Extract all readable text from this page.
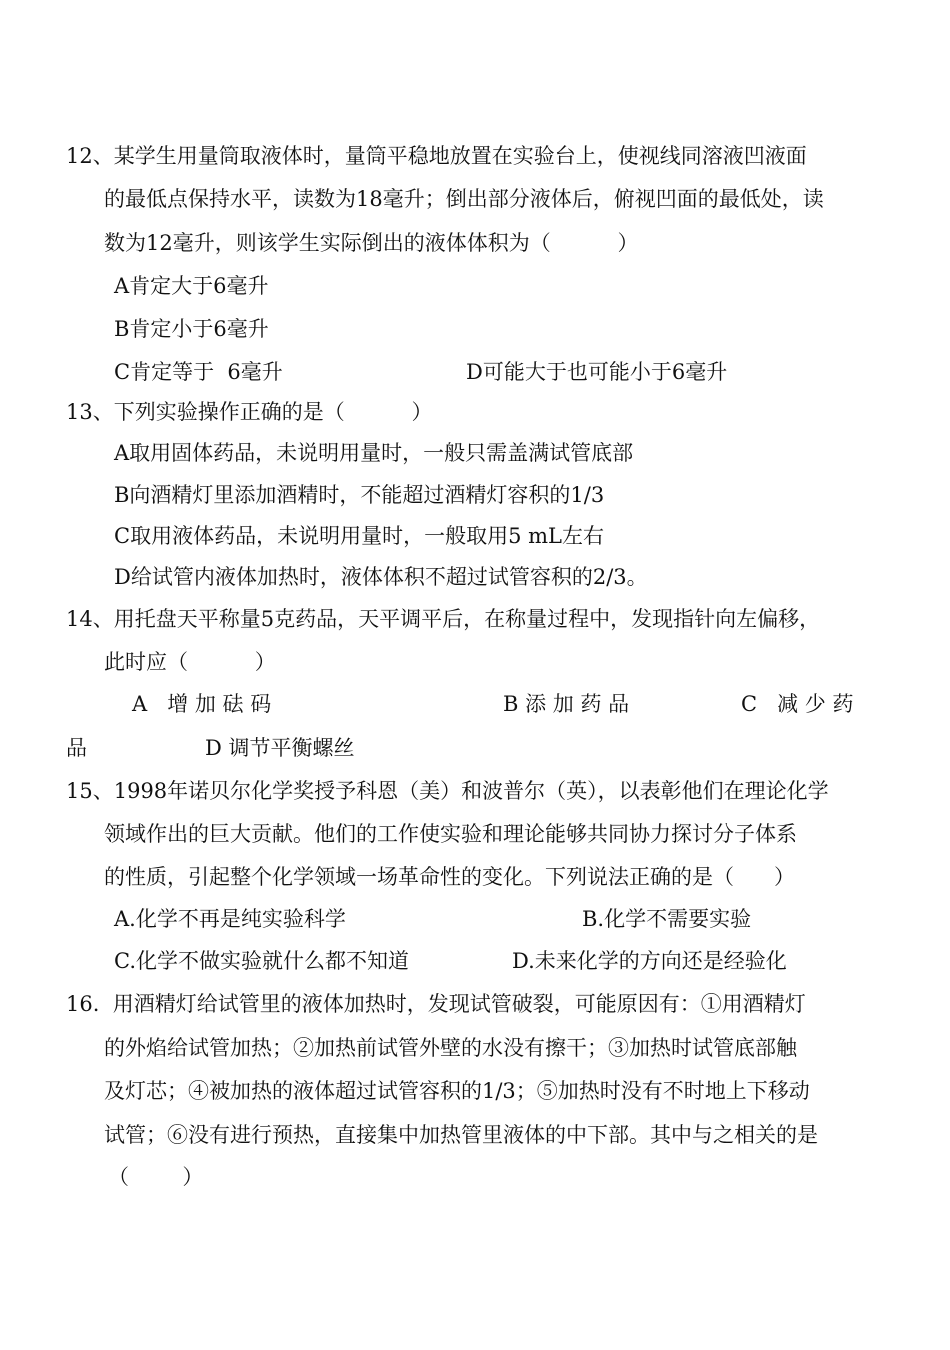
12、某学生用量筒取液体时，量筒平稳地放置在实验台上，使视线同溶液凹液面
的最低点保持水平，读数为18毫升；倒出部分液体后，俯视凹面的最低处，读
数为12毫升，则该学生实际倒出的液体体积为（          ）
A肯定大于6毫升
B肯定小于6毫升
C肯定等于  6毫升	D可能大于也可能小于6毫升
13、下列实验操作正确的是（          ）
A取用固体药品，未说明用量时，一般只需盖满试管底部
B向酒精灯里添加酒精时，不能超过酒精灯容积的1/3
C取用液体药品，未说明用量时，一般取用5 mL左右
D给试管内液体加热时，液体体积不超过试管容积的2/3。
14、用托盘天平称量5克药品，天平调平后，在称量过程中，发现指针向左偏移，
此时应（          ）
A   增 加 砝 码	B 添 加 药 品	C   减 少 药
品	D 调节平衡螺丝
15、1998年诺贝尔化学奖授予科恩（美）和波普尔（英），以表彰他们在理论化学
领域作出的巨大贡献。他们的工作使实验和理论能够共同协力探讨分子体系
的性质，引起整个化学领域一场革命性的变化。下列说法正确的是（      ）
A.化学不再是纯实验科学	B.化学不需要实验
C.化学不做实验就什么都不知道	D.未来化学的方向还是经验化
16.  用酒精灯给试管里的液体加热时，发现试管破裂，可能原因有：①用酒精灯
的外焰给试管加热；②加热前试管外壁的水没有擦干；③加热时试管底部触
及灯芯；④被加热的液体超过试管容积的1/3；⑤加热时没有不时地上下移动
试管；⑥没有进行预热，直接集中加热管里液体的中下部。其中与之相关的是
（        ）
